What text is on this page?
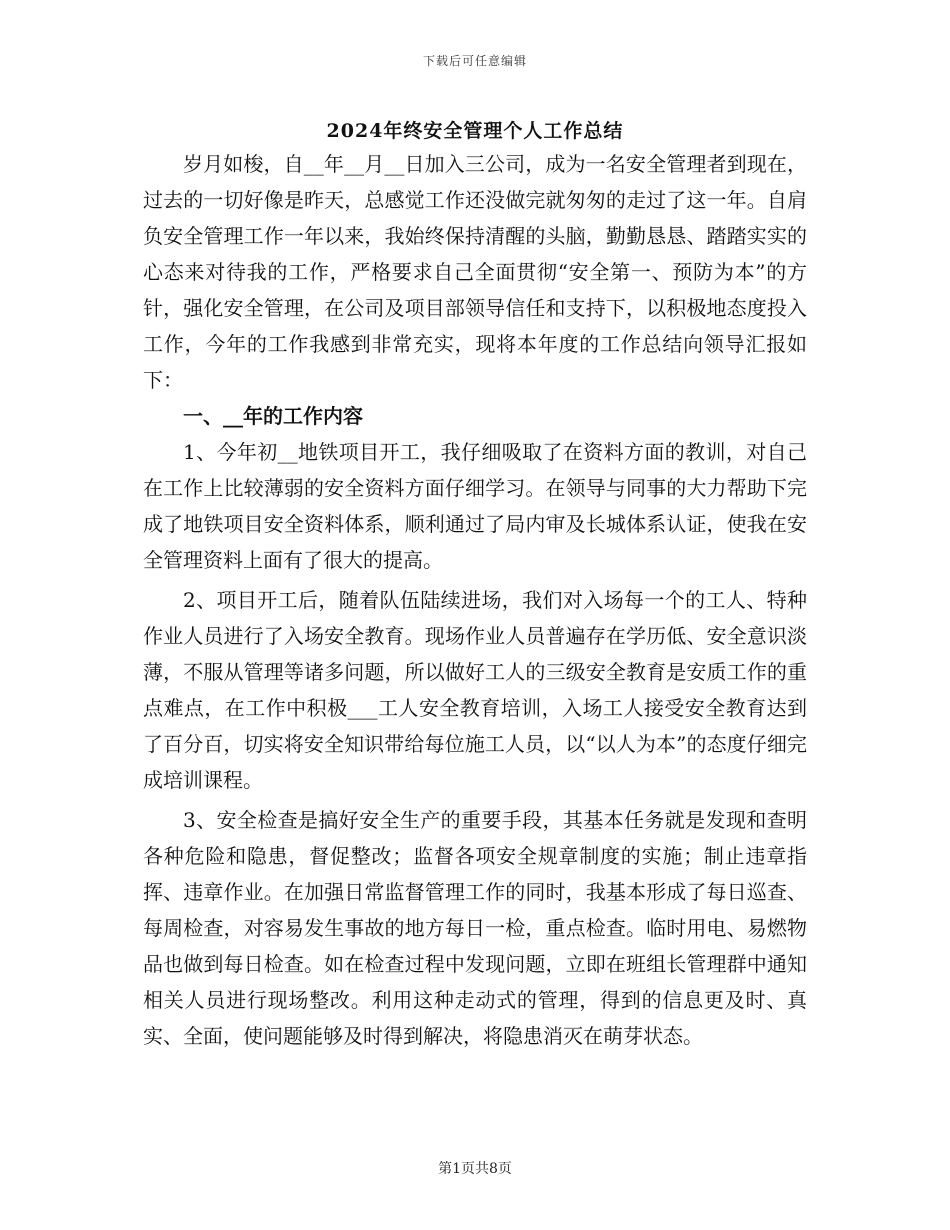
下载后可任意编辑
2024年终安全管理个人工作总结

岁月如梭，自__年__月__日加入三公司，成为一名安全管理者到现在，过去的一切好像是昨天，总感觉工作还没做完就匆匆的走过了这一年。自肩负安全管理工作一年以来，我始终保持清醒的头脑，勤勤恳恳、踏踏实实的心态来对待我的工作，严格要求自己全面贯彻“安全第一、预防为本”的方针，强化安全管理，在公司及项目部领导信任和支持下，以积极地态度投入工作，今年的工作我感到非常充实，现将本年度的工作总结向领导汇报如下：

一、__年的工作内容

1、今年初__地铁项目开工，我仔细吸取了在资料方面的教训，对自己在工作上比较薄弱的安全资料方面仔细学习。在领导与同事的大力帮助下完成了地铁项目安全资料体系，顺利通过了局内审及长城体系认证，使我在安全管理资料上面有了很大的提高。

2、项目开工后，随着队伍陆续进场，我们对入场每一个的工人、特种作业人员进行了入场安全教育。现场作业人员普遍存在学历低、安全意识淡薄，不服从管理等诸多问题，所以做好工人的三级安全教育是安质工作的重点难点，在工作中积极___工人安全教育培训，入场工人接受安全教育达到了百分百，切实将安全知识带给每位施工人员，以“以人为本”的态度仔细完成培训课程。

3、安全检查是搞好安全生产的重要手段，其基本任务就是发现和查明各种危险和隐患，督促整改；监督各项安全规章制度的实施；制止违章指挥、违章作业。在加强日常监督管理工作的同时，我基本形成了每日巡查、每周检查，对容易发生事故的地方每日一检，重点检查。临时用电、易燃物品也做到每日检查。如在检查过程中发现问题，立即在班组长管理群中通知相关人员进行现场整改。利用这种走动式的管理，得到的信息更及时、真实、全面，使问题能够及时得到解决，将隐患消灭在萌芽状态。

第1页共8页
